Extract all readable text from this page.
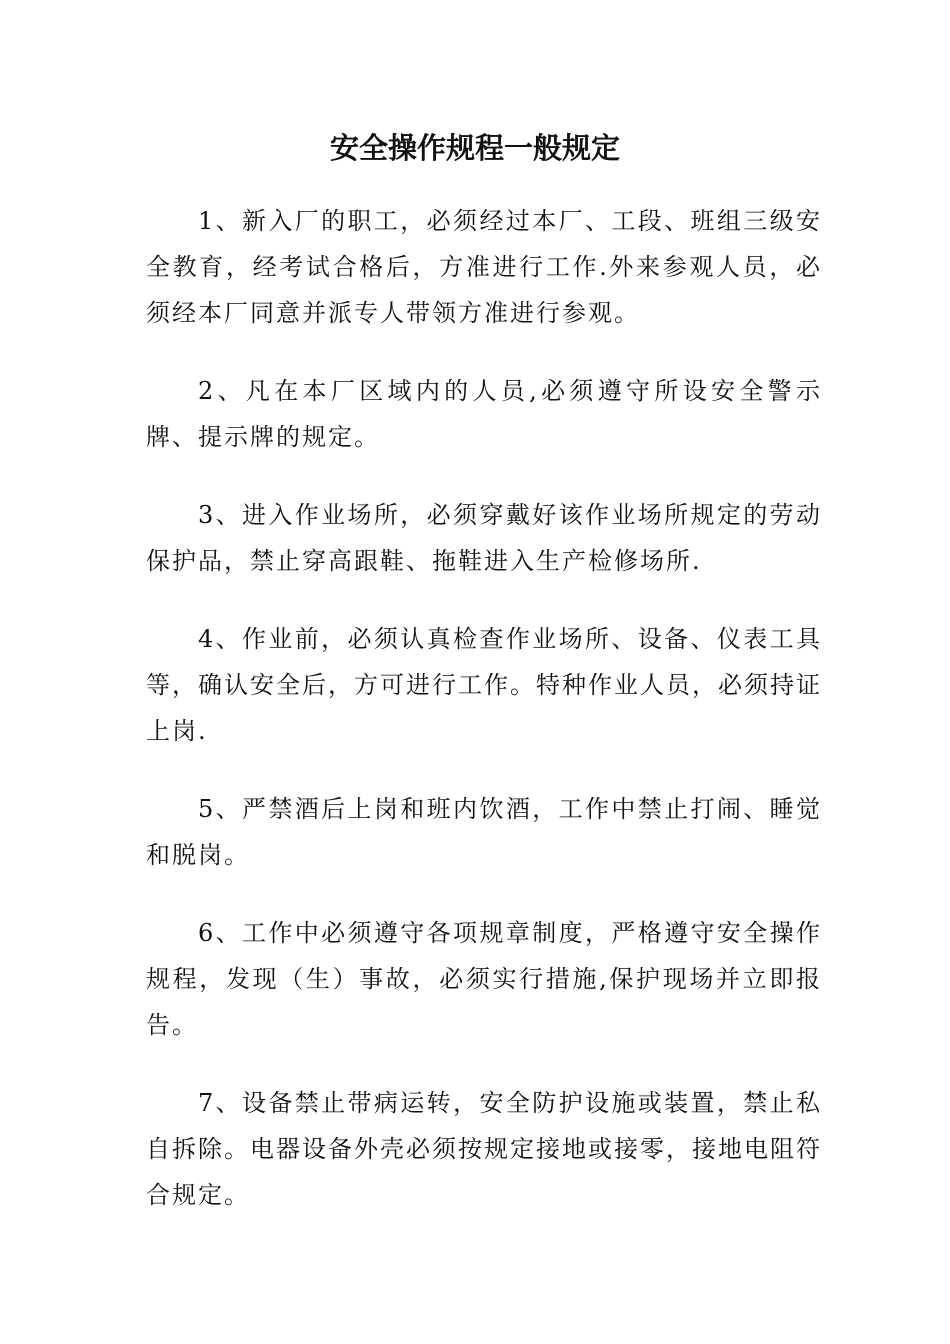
安全操作规程一般规定

1、新入厂的职工，必须经过本厂、工段、班组三级安全教育，经考试合格后，方准进行工作.外来参观人员，必须经本厂同意并派专人带领方准进行参观。

2、凡在本厂区域内的人员,必须遵守所设安全警示牌、提示牌的规定。

3、进入作业场所，必须穿戴好该作业场所规定的劳动保护品，禁止穿高跟鞋、拖鞋进入生产检修场所.

4、作业前，必须认真检查作业场所、设备、仪表工具等，确认安全后，方可进行工作。特种作业人员，必须持证上岗.

5、严禁酒后上岗和班内饮酒，工作中禁止打闹、睡觉和脱岗。

6、工作中必须遵守各项规章制度，严格遵守安全操作规程，发现（生）事故，必须实行措施,保护现场并立即报告。

7、设备禁止带病运转，安全防护设施或装置，禁止私自拆除。电器设备外壳必须按规定接地或接零，接地电阻符合规定。
